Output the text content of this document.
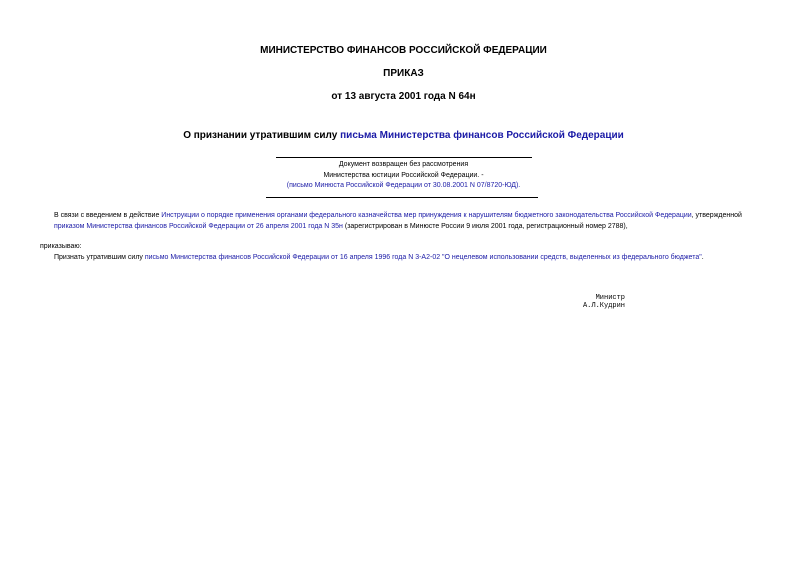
МИНИСТЕРСТВО ФИНАНСОВ РОССИЙСКОЙ ФЕДЕРАЦИИ
ПРИКАЗ
от 13 августа 2001 года N 64н
О признании утратившим силу письма Министерства финансов Российской Федерации
Документ возвращен без рассмотрения
Министерства юстиции Российской Федерации. -
(письмо Минюста Российской Федерации от 30.08.2001 N 07/8720-ЮД).
В связи с введением в действие Инструкции о порядке применения органами федерального казначейства мер принуждения к нарушителям бюджетного законодательства Российской Федерации, утвержденной
приказом Министерства финансов Российской Федерации от 26 апреля 2001 года N 35н (зарегистрирован в Минюсте России 9 июля 2001 года, регистрационный номер 2788),
приказываю:
Признать утратившим силу письмо Министерства финансов Российской Федерации от 16 апреля 1996 года N 3-А2-02 "О нецелевом использовании средств, выделенных из федерального бюджета".
Министр
А.Л.Кудрин
